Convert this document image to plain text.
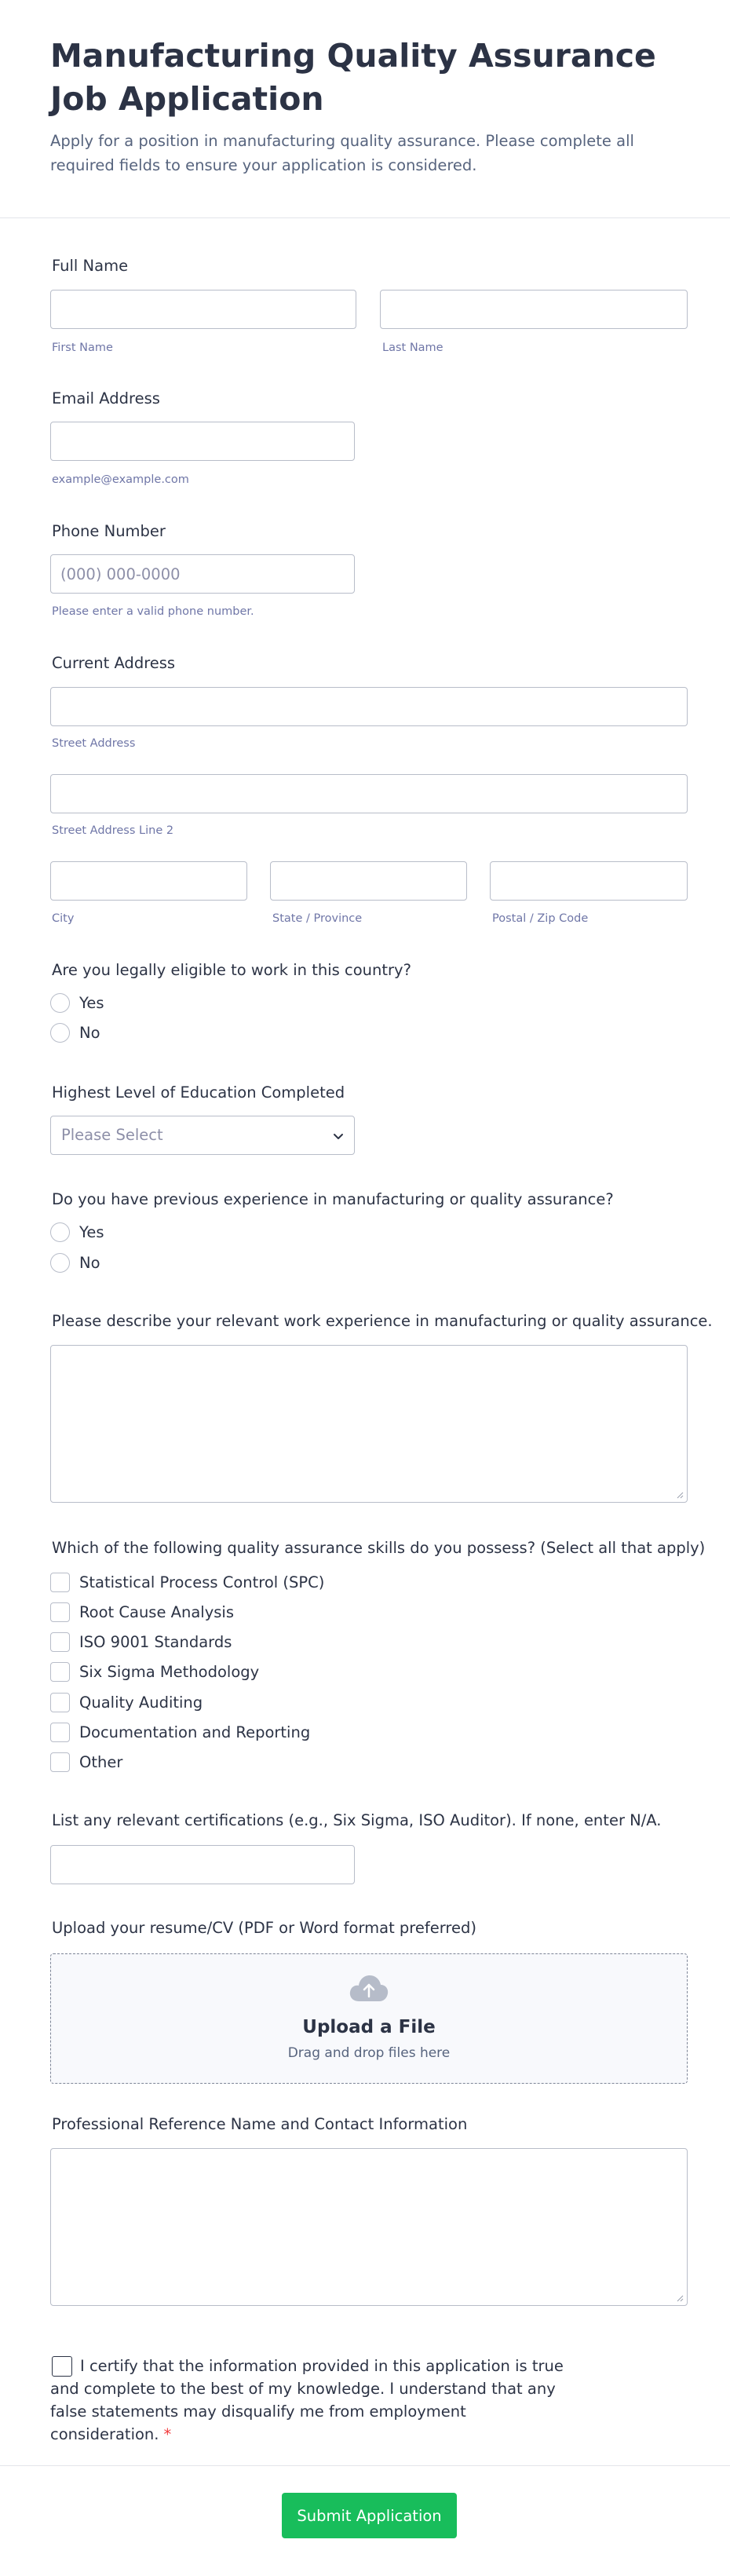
Manufacturing Quality Assurance Job Application

Apply for a position in manufacturing quality assurance. Please complete all required fields to ensure your application is considered.

Full Name
First Name	Last Name
Email Address
example@example.com
Phone Number
(000) 000-0000
Please enter a valid phone number.
Current Address
Street Address
Street Address Line 2
City	State / Province	Postal / Zip Code
Are you legally eligible to work in this country?
Yes
No
Highest Level of Education Completed
Please Select
Do you have previous experience in manufacturing or quality assurance?
Yes
No
Please describe your relevant work experience in manufacturing or quality assurance.
Which of the following quality assurance skills do you possess? (Select all that apply)
Statistical Process Control (SPC)
Root Cause Analysis
ISO 9001 Standards
Six Sigma Methodology
Quality Auditing
Documentation and Reporting
Other
List any relevant certifications (e.g., Six Sigma, ISO Auditor). If none, enter N/A.
Upload your resume/CV (PDF or Word format preferred)
Upload a File
Drag and drop files here
Professional Reference Name and Contact Information

I certify that the information provided in this application is true and complete to the best of my knowledge. I understand that any false statements may disqualify me from employment consideration. *

Submit Application
